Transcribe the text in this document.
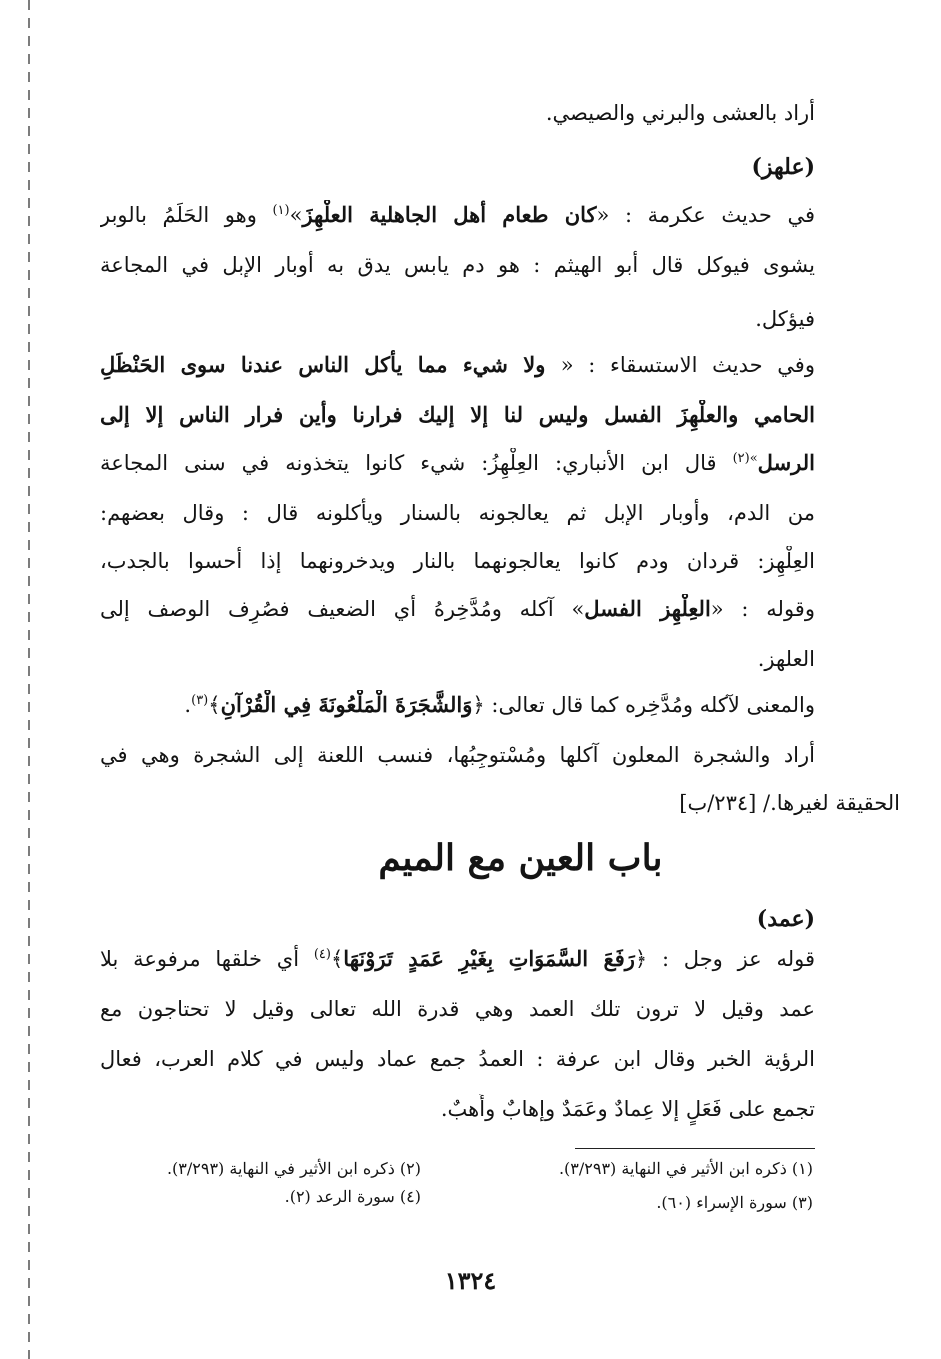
أراد بالعشى والبرني والصيصي.
(علهز)
في حديث عكرمة : «كان طعام أهل الجاهلية العلْهِزَ»$^{(١)}$ وهو الحَلَمُ بالوبر
يشوى فيوكل قال أبو الهيثم : هو دم يابس يدق به أوبار الإبل في المجاعة
فيؤكل.
وفي حديث الاستسقاء : « ولا شيء مما يأكل الناس عندنا سوى الحَنْظَلِ
الحامي والعلْهِزَ الفسل وليس لنا إلا إليك فرارنا وأين فرار الناس إلا إلى
الرسل$^{»(٢)}$ قال ابن الأنباري: العِلْهِزُ: شيء كانوا يتخذونه في سنى المجاعة
من الدم، وأوبار الإبل ثم يعالجونه بالسنار ويأكلونه قال : وقال بعضهم:
العِلْهِز: قردان ودم كانوا يعالجونهما بالنار ويدخرونهما إذا أحسوا بالجدب،
وقوله : «العِلْهِز الفسل» آكله ومُدَّخِرهُ أي الضعيف فصُرِف الوصف إلى
العلهز.
والمعنى لآكله ومُدَّخِره كما قال تعالى: ﴿وَالشَّجَرَةَ الْمَلْعُونَةَ فِي الْقُرْآنِ﴾$^{(٣)}$.
أراد والشجرة المعلون آكلها ومُسْتوجِبُها، فنسب اللعنة إلى الشجرة وهي في
الحقيقة لغيرها./ [٢٣٤/ب]
باب العين مع الميم
(عمد)
قوله عز وجل : ﴿رَفَعَ السَّمَوَاتِ بِغَيْرِ عَمَدٍ تَرَوْنَهَا﴾$^{(٤)}$ أي خلقها مرفوعة بلا
عمد وقيل لا ترون تلك العمد وهي قدرة الله تعالى وقيل لا تحتاجون مع
الرؤية الخبر وقال ابن عرفة : العمدُ جمع عماد وليس في كلام العرب، فعال
تجمع على فَعَلٍ إلا عِمادٌ وعَمَدٌ وإهابٌ وأَهبٌ.
(١) ذكره ابن الأثير في النهاية (٣/٢٩٣).
(٢) ذكره ابن الأثير في النهاية (٣/٢٩٣).
(٣) سورة الإسراء (٦٠).
(٤) سورة الرعد (٢).
١٣٢٤
